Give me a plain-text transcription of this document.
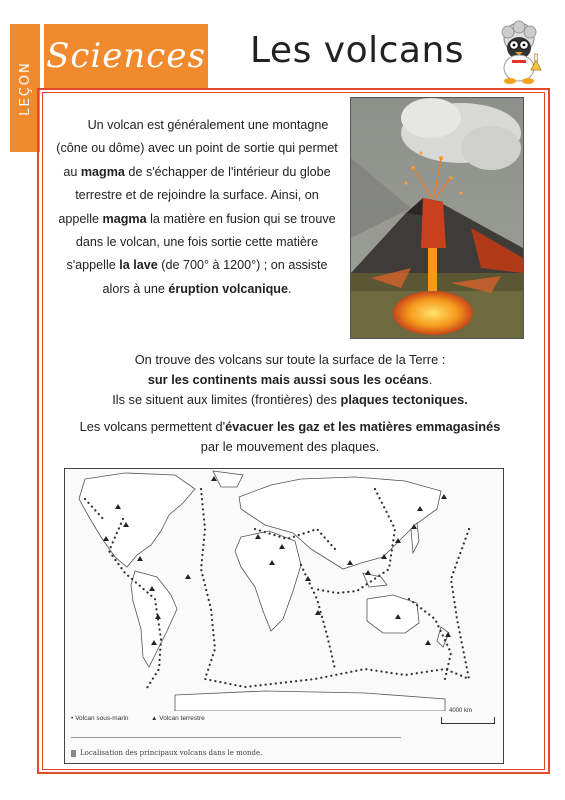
LEÇON
Sciences Les volcans
Un volcan est généralement une montagne (cône ou dôme) avec un point de sortie qui permet au magma de s'échapper de l'intérieur du globe terrestre et de rejoindre la surface. Ainsi, on appelle magma la matière en fusion qui se trouve dans le volcan, une fois sortie cette matière s'appelle la lave (de 700° à 1200°) ; on assiste alors à une éruption volcanique.

On trouve des volcans sur toute la surface de la Terre :

sur les continents mais aussi sous les océans.

Ils se situent aux limites (frontières) des plaques tectoniques.

Les volcans permettent d'évacuer les gaz et les matières emmagasinés

par le mouvement des plaques.

• Volcan sous-marin	▲ Volcan terrestre
4000 km
Localisation des principaux volcans dans le monde.
